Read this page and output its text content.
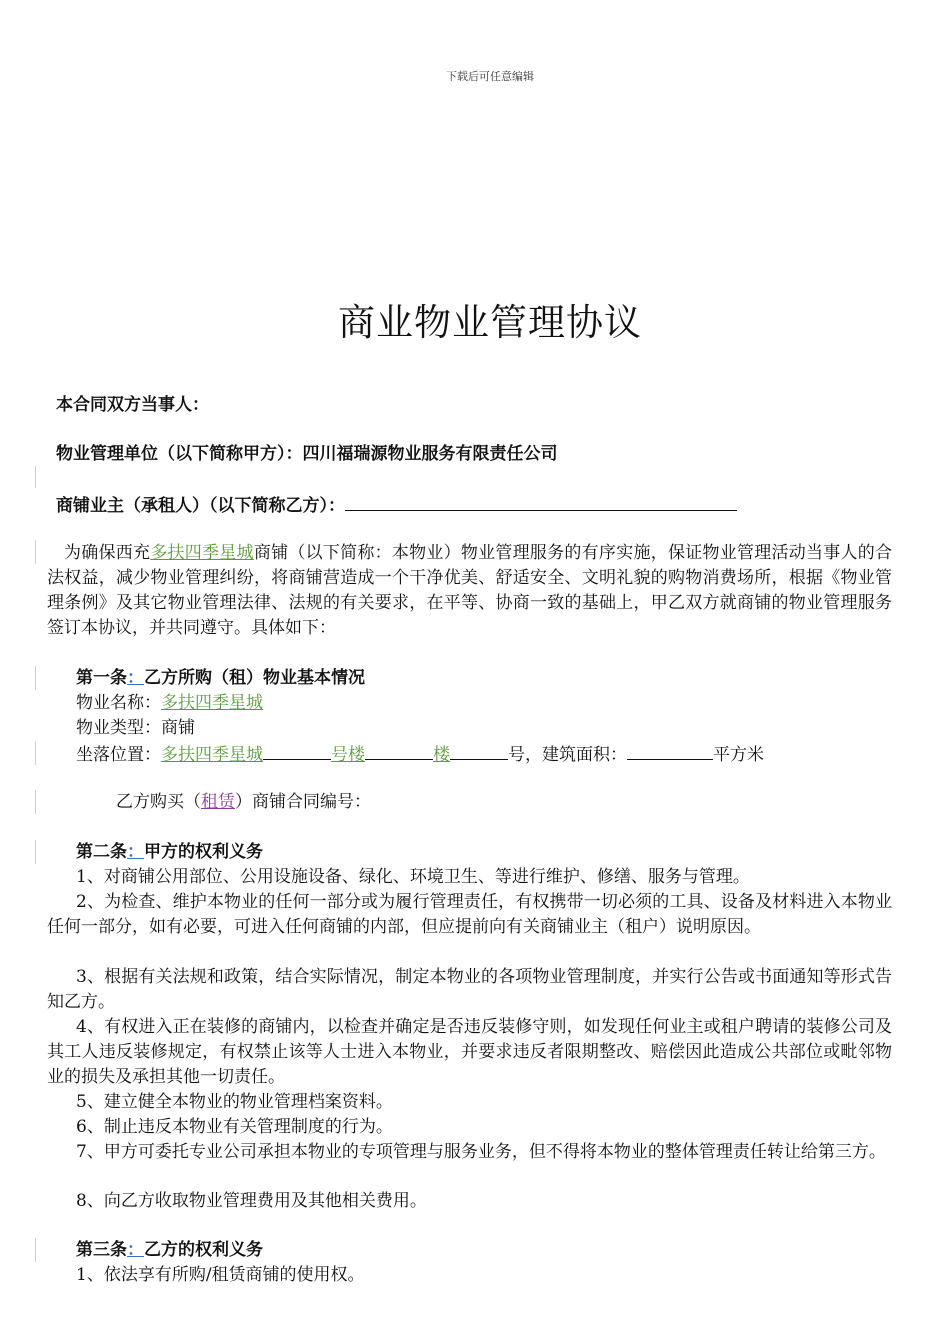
下载后可任意编辑
商业物业管理协议
本合同双方当事人：
物业管理单位（以下简称甲方）：四川福瑞源物业服务有限责任公司
商铺业主（承租人）（以下简称乙方）：
为确保西充多扶四季星城商铺（以下简称：本物业）物业管理服务的有序实施，保证物业管理活动当事人的合法权益，减少物业管理纠纷，将商铺营造成一个干净优美、舒适安全、文明礼貌的购物消费场所，根据《物业管理条例》及其它物业管理法律、法规的有关要求，在平等、协商一致的基础上，甲乙双方就商铺的物业管理服务签订本协议，并共同遵守。具体如下：
第一条：乙方所购（租）物业基本情况
物业名称：多扶四季星城
物业类型：商铺
坐落位置：多扶四季星城	号楼	楼	号，建筑面积：	平方米
乙方购买（租赁）商铺合同编号：
第二条：甲方的权利义务
1、对商铺公用部位、公用设施设备、绿化、环境卫生、等进行维护、修缮、服务与管理。
2、为检查、维护本物业的任何一部分或为履行管理责任，有权携带一切必须的工具、设备及材料进入本物业任何一部分，如有必要，可进入任何商铺的内部，但应提前向有关商铺业主（租户）说明原因。
3、根据有关法规和政策，结合实际情况，制定本物业的各项物业管理制度，并实行公告或书面通知等形式告知乙方。
4、有权进入正在装修的商铺内，以检查并确定是否违反装修守则，如发现任何业主或租户聘请的装修公司及其工人违反装修规定，有权禁止该等人士进入本物业，并要求违反者限期整改、赔偿因此造成公共部位或毗邻物业的损失及承担其他一切责任。
5、建立健全本物业的物业管理档案资料。
6、制止违反本物业有关管理制度的行为。
7、甲方可委托专业公司承担本物业的专项管理与服务业务，但不得将本物业的整体管理责任转让给第三方。
8、向乙方收取物业管理费用及其他相关费用。
第三条：乙方的权利义务
1、依法享有所购/租赁商铺的使用权。
